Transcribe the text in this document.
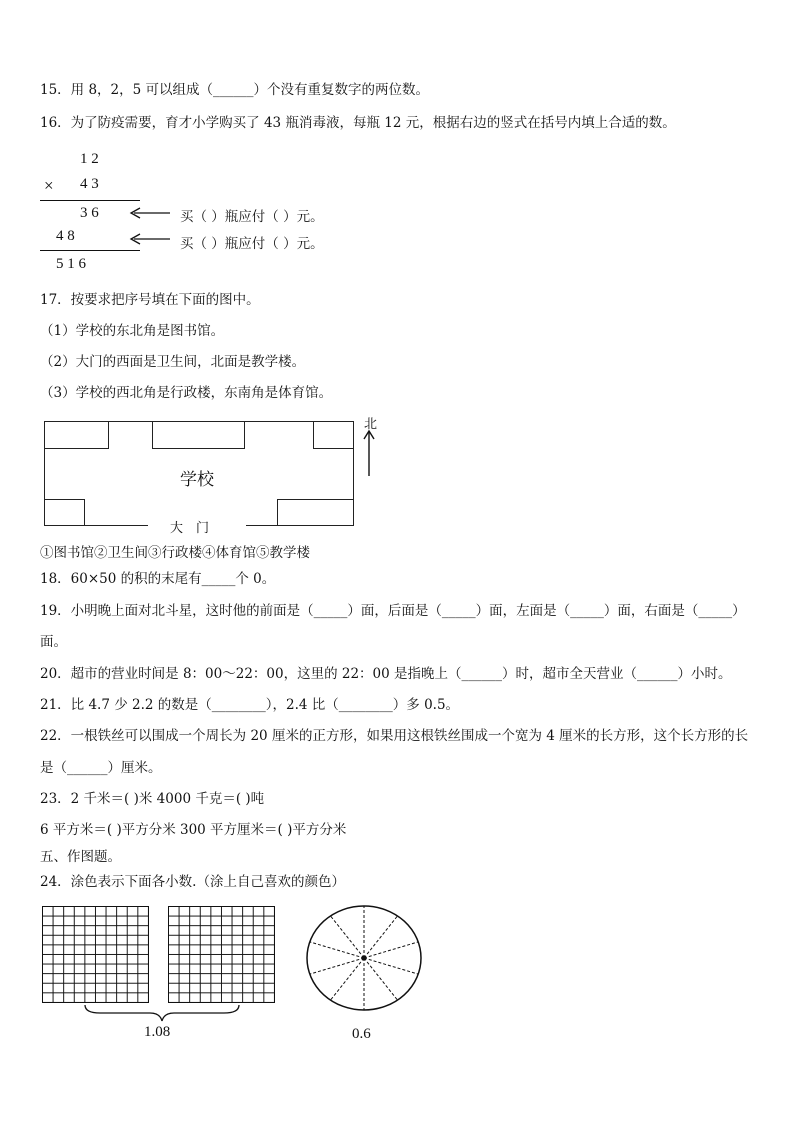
15．用 8，2，5 可以组成（______）个没有重复数字的两位数。
16．为了防疫需要，育才小学购买了 43 瓶消毒液，每瓶 12 元，根据右边的竖式在括号内填上合适的数。
1 2
× 4 3
3 6
4 8
5 1 6
买（ ）瓶应付（ ）元。
买（ ）瓶应付（ ）元。
17．按要求把序号填在下面的图中。
（1）学校的东北角是图书馆。
（2）大门的西面是卫生间，北面是教学楼。
（3）学校的西北角是行政楼，东南角是体育馆。
学校
大　门
北
①图书馆②卫生间③行政楼④体育馆⑤教学楼
18．60×50 的积的末尾有_____个 0。
19．小明晚上面对北斗星，这时他的前面是（_____）面，后面是（_____）面，左面是（_____）面，右面是（_____）
面。
20．超市的营业时间是 8：00～22：00，这里的 22：00 是指晚上（______）时，超市全天营业（______）小时。
21．比 4.7 少 2.2 的数是（________），2.4 比（________）多 0.5。
22．一根铁丝可以围成一个周长为 20 厘米的正方形，如果用这根铁丝围成一个宽为 4 厘米的长方形，这个长方形的长
是（______）厘米。
23．2 千米＝( )米 4000 千克＝( )吨
6 平方米＝( )平方分米 300 平方厘米＝( )平方分米
五、作图题。
24．涂色表示下面各小数.（涂上自己喜欢的颜色）
1.08	0.6
